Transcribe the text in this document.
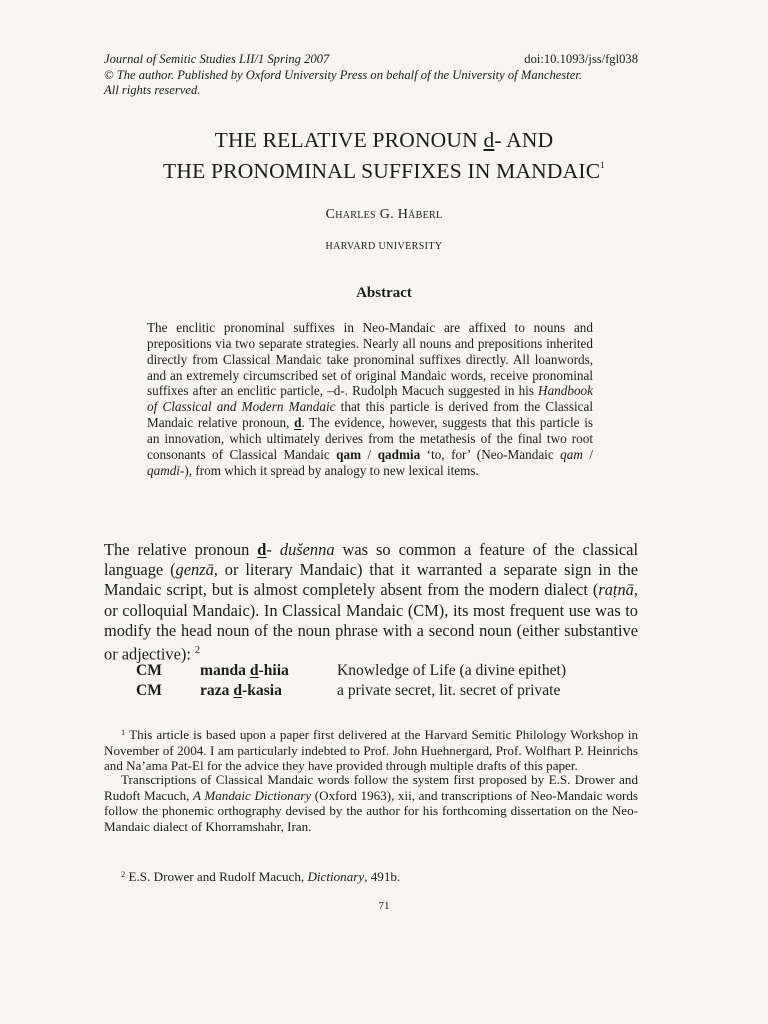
Journal of Semitic Studies LII/1 Spring 2007	doi:10.1093/jss/fgl038
© The author. Published by Oxford University Press on behalf of the University of Manchester.
All rights reserved.
THE RELATIVE PRONOUN d- AND
THE PRONOMINAL SUFFIXES IN MANDAIC$^1$
Charles G. Häberl
HARVARD UNIVERSITY
Abstract
The enclitic pronominal suffixes in Neo-Mandaic are affixed to nouns and prepositions via two separate strategies. Nearly all nouns and prepositions inherited directly from Classical Mandaic take pronominal suffixes directly. All loanwords, and an extremely circumscribed set of original Mandaic words, receive pronominal suffixes after an enclitic particle, –d-. Rudolph Macuch suggested in his Handbook of Classical and Modern Mandaic that this particle is derived from the Classical Mandaic relative pronoun, d. The evidence, however, suggests that this particle is an innovation, which ultimately derives from the metathesis of the final two root consonants of Classical Mandaic qam / qadmia ‘to, for’ (Neo-Mandaic qam / qamdi-), from which it spread by analogy to new lexical items.
The relative pronoun d- dušenna was so common a feature of the classical language (genzā, or literary Mandaic) that it warranted a separate sign in the Mandaic script, but is almost completely absent from the modern dialect (raṭnā, or colloquial Mandaic). In Classical Mandaic (CM), its most frequent use was to modify the head noun of the noun phrase with a second noun (either substantive or adjective): $^2$
CM	manda d-hiia	Knowledge of Life (a divine epithet)
CM	raza d-kasia	a private secret, lit. secret of private
$^1$ This article is based upon a paper first delivered at the Harvard Semitic Philology Workshop in November of 2004. I am particularly indebted to Prof. John Huehnergard, Prof. Wolfhart P. Heinrichs and Na’ama Pat-El for the advice they have provided through multiple drafts of this paper.
Transcriptions of Classical Mandaic words follow the system first proposed by E.S. Drower and Rudoft Macuch, A Mandaic Dictionary (Oxford 1963), xii, and transcriptions of Neo-Mandaic words follow the phonemic orthography devised by the author for his forthcoming dissertation on the Neo-Mandaic dialect of Khorramshahr, Iran.
$^2$ E.S. Drower and Rudolf Macuch, Dictionary, 491b.
71
